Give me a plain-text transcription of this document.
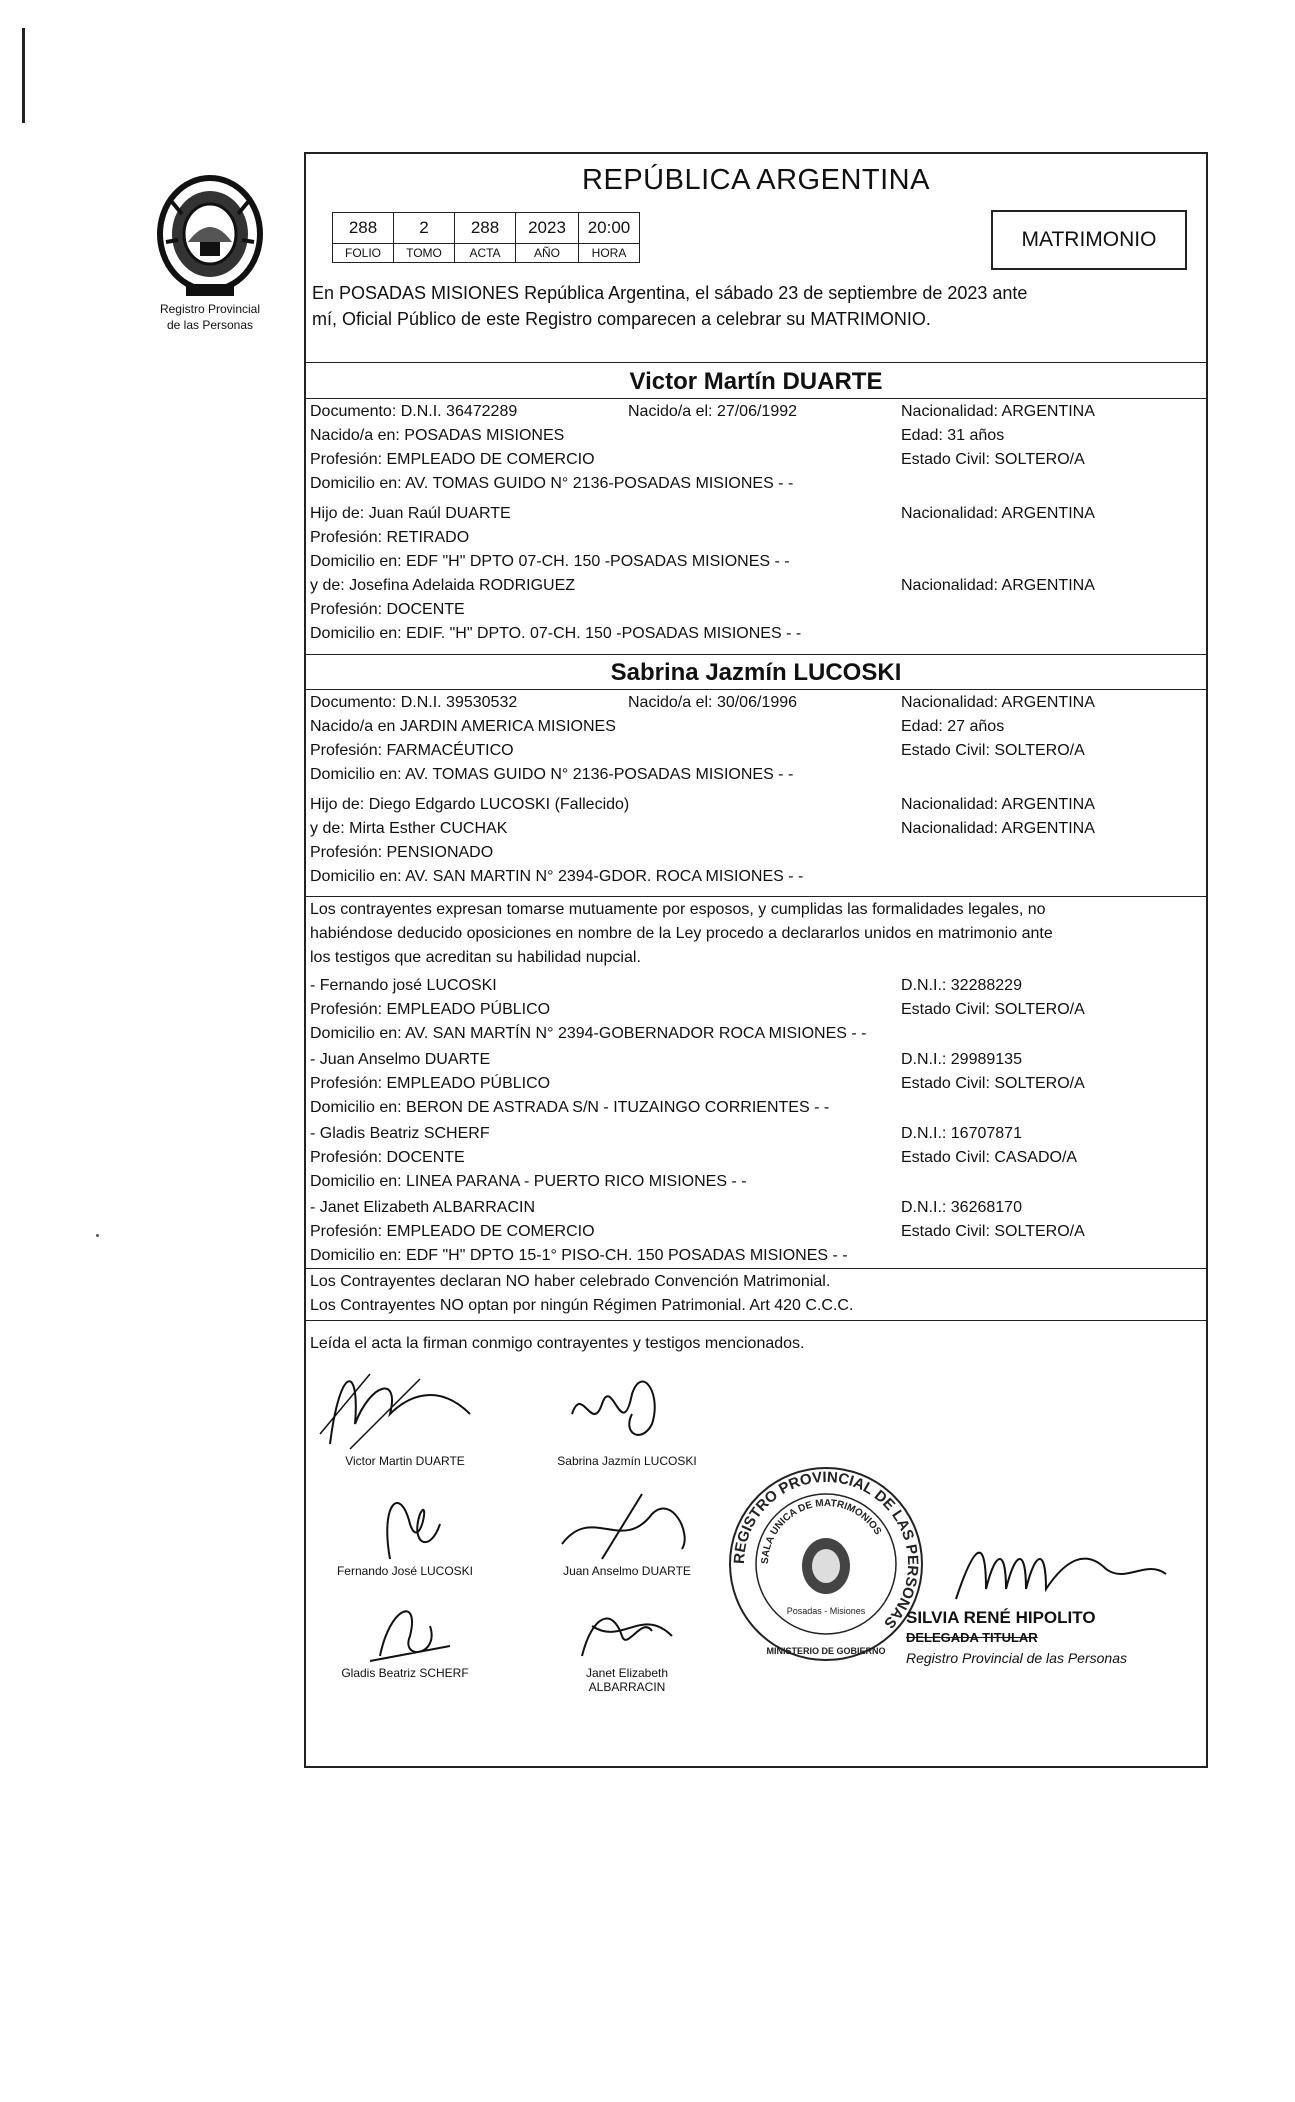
Registro Provincial
de las Personas
REPÚBLICA ARGENTINA
288	2	288	2023	20:00
FOLIO	TOMO	ACTA	AÑO	HORA
MATRIMONIO
En POSADAS MISIONES República Argentina, el sábado 23 de septiembre de 2023 ante
mí, Oficial Público de este Registro comparecen a celebrar su MATRIMONIO.
Victor Martín DUARTE
Documento: D.N.I. 36472289	Nacido/a el: 27/06/1992	Nacionalidad: ARGENTINA
Nacido/a en: POSADAS MISIONES	Edad: 31 años
Profesión: EMPLEADO DE COMERCIO	Estado Civil: SOLTERO/A
Domicilio en: AV. TOMAS GUIDO N° 2136-POSADAS MISIONES - -
Hijo de: Juan Raúl DUARTE	Nacionalidad: ARGENTINA
Profesión: RETIRADO
Domicilio en: EDF "H" DPTO 07-CH. 150 -POSADAS MISIONES - -
y de: Josefina Adelaida RODRIGUEZ	Nacionalidad: ARGENTINA
Profesión: DOCENTE
Domicilio en: EDIF. "H" DPTO. 07-CH. 150 -POSADAS MISIONES - -
Sabrina Jazmín LUCOSKI
Documento: D.N.I. 39530532	Nacido/a el: 30/06/1996	Nacionalidad: ARGENTINA
Nacido/a en JARDIN AMERICA MISIONES	Edad: 27 años
Profesión: FARMACÉUTICO	Estado Civil: SOLTERO/A
Domicilio en: AV. TOMAS GUIDO N° 2136-POSADAS MISIONES - -
Hijo de: Diego Edgardo LUCOSKI (Fallecido)	Nacionalidad: ARGENTINA
y de: Mirta Esther CUCHAK	Nacionalidad: ARGENTINA
Profesión: PENSIONADO
Domicilio en: AV. SAN MARTIN N° 2394-GDOR. ROCA MISIONES - -
Los contrayentes expresan tomarse mutuamente por esposos, y cumplidas las formalidades legales, no
habiéndose deducido oposiciones en nombre de la Ley procedo a declararlos unidos en matrimonio ante
los testigos que acreditan su habilidad nupcial.
- Fernando josé LUCOSKI	D.N.I.: 32288229
Profesión: EMPLEADO PÚBLICO	Estado Civil: SOLTERO/A
Domicilio en: AV. SAN MARTÍN N° 2394-GOBERNADOR ROCA MISIONES - -
- Juan Anselmo DUARTE	D.N.I.: 29989135
Profesión: EMPLEADO PÚBLICO	Estado Civil: SOLTERO/A
Domicilio en: BERON DE ASTRADA S/N - ITUZAINGO CORRIENTES - -
- Gladis Beatriz SCHERF	D.N.I.: 16707871
Profesión: DOCENTE	Estado Civil: CASADO/A
Domicilio en: LINEA PARANA - PUERTO RICO MISIONES - -
- Janet Elizabeth ALBARRACIN	D.N.I.: 36268170
Profesión: EMPLEADO DE COMERCIO	Estado Civil: SOLTERO/A
Domicilio en: EDF "H" DPTO 15-1° PISO-CH. 150 POSADAS MISIONES - -
Los Contrayentes declaran NO haber celebrado Convención Matrimonial.
Los Contrayentes NO optan por ningún Régimen Patrimonial. Art 420 C.C.C.
Leída el acta la firman conmigo contrayentes y testigos mencionados.
Victor Martin DUARTE	Sabrina Jazmín LUCOSKI
Fernando José LUCOSKI	Juan Anselmo DUARTE
Gladis Beatriz SCHERF	Janet Elizabeth
ALBARRACIN
REGISTRO PROVINCIAL DE LAS PERSONAS
SALA UNICA DE MATRIMONIOS
Posadas - Misiones
MINISTERIO DE GOBIERNO
SILVIA RENÉ HIPOLITO
DELEGADA TITULAR
Registro Provincial de las Personas
